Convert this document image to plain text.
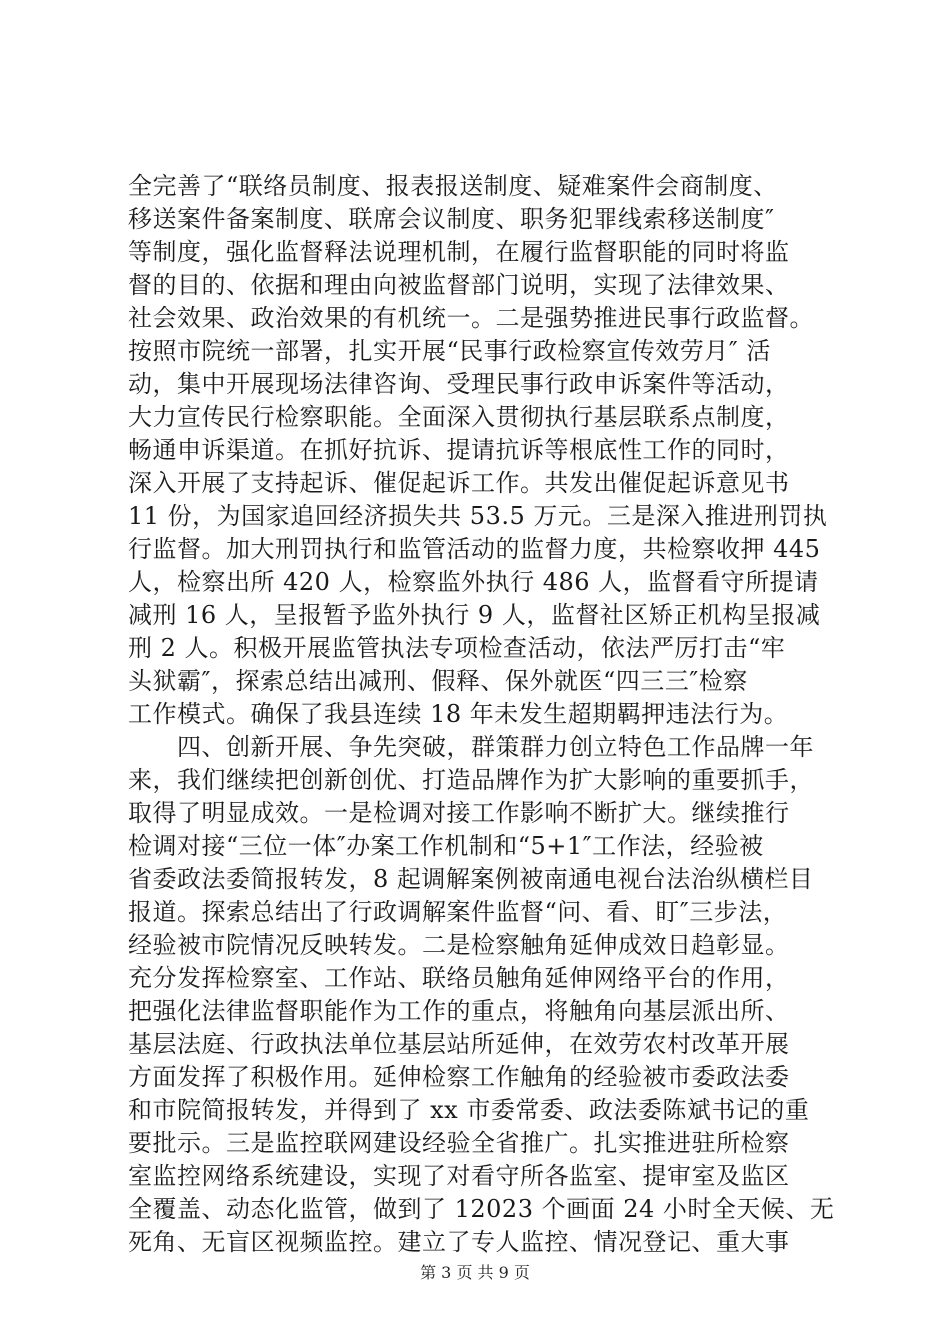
全完善了“联络员制度、报表报送制度、疑难案件会商制度、
移送案件备案制度、联席会议制度、职务犯罪线索移送制度″
等制度，强化监督释法说理机制，在履行监督职能的同时将监
督的目的、依据和理由向被监督部门说明，实现了法律效果、
社会效果、政治效果的有机统一。二是强势推进民事行政监督。
按照市院统一部署，扎实开展“民事行政检察宣传效劳月″ 活
动，集中开展现场法律咨询、受理民事行政申诉案件等活动，
大力宣传民行检察职能。全面深入贯彻执行基层联系点制度，
畅通申诉渠道。在抓好抗诉、提请抗诉等根底性工作的同时，
深入开展了支持起诉、催促起诉工作。共发出催促起诉意见书
11 份，为国家追回经济损失共 53.5 万元。三是深入推进刑罚执
行监督。加大刑罚执行和监管活动的监督力度，共检察收押 445
人，检察出所 420 人，检察监外执行 486 人，监督看守所提请
减刑 16 人，呈报暂予监外执行 9 人，监督社区矫正机构呈报减
刑 2 人。积极开展监管执法专项检查活动，依法严厉打击“牢
头狱霸″，探索总结出减刑、假释、保外就医“四三三″检察
工作模式。确保了我县连续 18 年未发生超期羁押违法行为。
　　四、创新开展、争先突破，群策群力创立特色工作品牌一年
来，我们继续把创新创优、打造品牌作为扩大影响的重要抓手，
取得了明显成效。一是检调对接工作影响不断扩大。继续推行
检调对接“三位一体″办案工作机制和“5+1″工作法，经验被
省委政法委简报转发，8 起调解案例被南通电视台法治纵横栏目
报道。探索总结出了行政调解案件监督“问、看、盯″三步法，
经验被市院情况反映转发。二是检察触角延伸成效日趋彰显。
充分发挥检察室、工作站、联络员触角延伸网络平台的作用，
把强化法律监督职能作为工作的重点，将触角向基层派出所、
基层法庭、行政执法单位基层站所延伸，在效劳农村改革开展
方面发挥了积极作用。延伸检察工作触角的经验被市委政法委
和市院简报转发，并得到了 xx 市委常委、政法委陈斌书记的重
要批示。三是监控联网建设经验全省推广。扎实推进驻所检察
室监控网络系统建设，实现了对看守所各监室、提审室及监区
全覆盖、动态化监管，做到了 12023 个画面 24 小时全天候、无
死角、无盲区视频监控。建立了专人监控、情况登记、重大事
第 3 页 共 9 页
